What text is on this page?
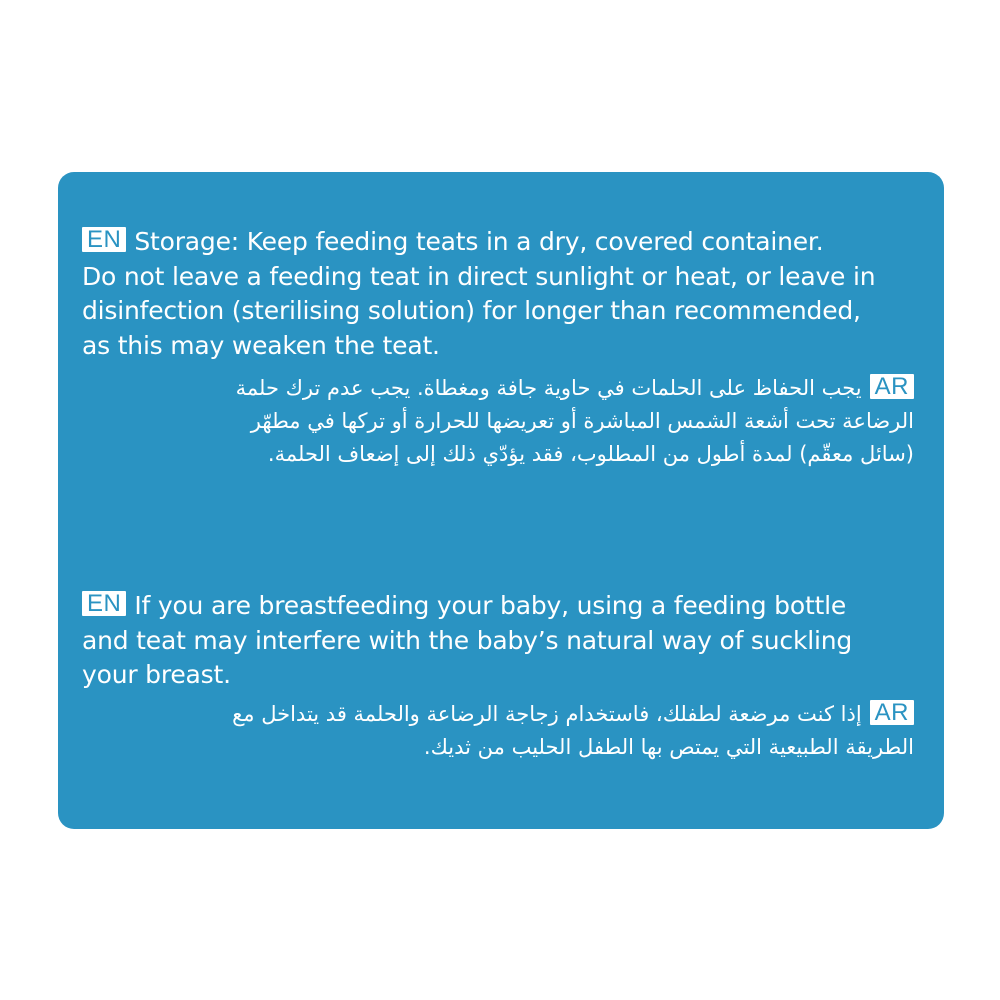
EN Storage: Keep feeding teats in a dry, covered container.
Do not leave a feeding teat in direct sunlight or heat, or leave in
disinfection (sterilising solution) for longer than recommended,
as this may weaken the teat.
ARيجب الحفاظ على الحلمات في حاوية جافة ومغطاة. يجب عدم ترك حلمة
الرضاعة تحت أشعة الشمس المباشرة أو تعريضها للحرارة أو تركها في مطهّر
(سائل معقّم) لمدة أطول من المطلوب، فقد يؤدّي ذلك إلى إضعاف الحلمة.
EN If you are breastfeeding your baby, using a feeding bottle
and teat may interfere with the baby’s natural way of suckling
your breast.
ARإذا كنت مرضعة لطفلك، فاستخدام زجاجة الرضاعة والحلمة قد يتداخل مع
الطريقة الطبيعية التي يمتص بها الطفل الحليب من ثديك.
